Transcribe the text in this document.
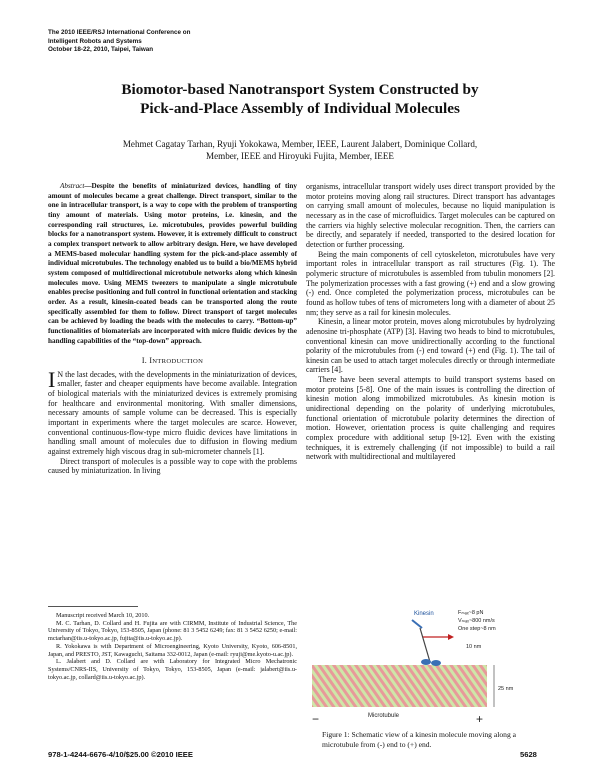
The 2010 IEEE/RSJ International Conference on
Intelligent Robots and Systems
October 18-22, 2010, Taipei, Taiwan
Biomotor-based Nanotransport System Constructed by
Pick-and-Place Assembly of Individual Molecules
Mehmet Cagatay Tarhan, Ryuji Yokokawa, Member, IEEE, Laurent Jalabert, Dominique Collard,
Member, IEEE and Hiroyuki Fujita, Member, IEEE

Abstract—Despite the benefits of miniaturized devices, handling of tiny amount of molecules became a great challenge. Direct transport, similar to the one in intracellular transport, is a way to cope with the problem of transporting tiny amount of materials. Using motor proteins, i.e. kinesin, and the corresponding rail structures, i.e. microtubules, provides powerful building blocks for a nanotransport system. However, it is extremely difficult to construct a complex transport network to allow arbitrary design. Here, we have developed a MEMS-based molecular handling system for the pick-and-place assembly of individual microtubules. The technology enabled us to build a bio/MEMS hybrid system composed of multidirectional microtubule networks along which kinesin molecules move. Using MEMS tweezers to manipulate a single microtubule enables precise positioning and full control in functional orientation and stacking order. As a result, kinesin-coated beads can be transported along the route specifically assembled for them to follow. Direct transport of target molecules can be achieved by loading the beads with the molecules to carry. “Bottom-up” functionalities of biomaterials are incorporated with micro fluidic devices by the handling capabilities of the “top-down” approach.

I. INTRODUCTION

I N the last decades, with the developments in the miniaturization of devices, smaller, faster and cheaper equipments have become available. Integration of biological materials with the miniaturized devices is extremely promising for healthcare and environmental monitoring. With smaller dimensions, necessary amounts of sample volume can be decreased. This is especially important in experiments where the target molecules are scarce. However, conventional continuous-flow-type micro fluidic devices have limitations in handling small amount of molecules due to diffusion in flowing medium against extremely high viscous drag in sub-micrometer channels [1].

Direct transport of molecules is a possible way to cope with the problems caused by miniaturization. In living

Manuscript received March 10, 2010.

M. C. Tarhan, D. Collard and H. Fujita are with CIRMM, Institute of Industrial Science, The University of Tokyo, Tokyo, 153-8505, Japan (phone: 81 3 5452 6249; fax: 81 3 5452 6250; e-mail: mctarhan@iis.u-tokyo.ac.jp, fujita@iis.u-tokyo.ac.jp).

R. Yokokawa is with Department of Microengineering, Kyoto University, Kyoto, 606-8501, Japan, and PRESTO, JST, Kawaguchi, Saitama 332-0012, Japan (e-mail: ryuji@me.kyoto-u.ac.jp).

L. Jalabert and D. Collard are with Laboratory for Integrated Micro Mechatronic Systems/CNRS-IIS, University of Tokyo, Tokyo, 153-8505, Japan (e-mail: jalabert@iis.u-tokyo.ac.jp, collard@iis.u-tokyo.ac.jp).

organisms, intracellular transport widely uses direct transport provided by the motor proteins moving along rail structures. Direct transport has advantages on carrying small amount of molecules, because no liquid manipulation is necessary as in the case of microfluidics. Target molecules can be captured on the carriers via highly selective molecular recognition. Then, the carriers can be directly, and separately if needed, transported to the desired location for detection or further processing.

Being the main components of cell cytoskeleton, microtubules have very important roles in intracellular transport as rail structures (Fig. 1). The polymeric structure of microtubules is assembled from tubulin monomers [2]. The polymerization processes with a fast growing (+) end and a slow growing (-) end. Once completed the polymerization process, microtubules can be found as hollow tubes of tens of micrometers long with a diameter of about 25 nm; they serve as a rail for kinesin molecules.

Kinesin, a linear motor protein, moves along microtubules by hydrolyzing adenosine tri-phosphate (ATP) [3]. Having two heads to bind to microtubules, conventional kinesin can move unidirectionally according to the functional polarity of the microtubules from (-) end toward (+) end (Fig. 1). The tail of kinesin can be used to attach target molecules directly or through intermediate carriers [4].

There have been several attempts to build transport systems based on motor proteins [5-8]. One of the main issues is controlling the direction of kinesin motion along immobilized microtubules. As kinesin motion is unidirectional depending on the polarity of underlying microtubules, functional orientation of microtubule polarity determines the direction of motion. However, orientation process is quite challenging and requires complex procedure with additional setup [9-12]. Even with the existing techniques, it is extremely challenging (if not impossible) to build a rail network with multidirectional and multilayered

Kinesin	Fₘₐₓ~8 pN
Vₘₐₓ~800 nm/s
One step~8 nm
10 nm
25 nm
−	Microtubule	+
Figure 1: Schematic view of a kinesin molecule moving along a microtubule from (-) end to (+) end.
978-1-4244-6676-4/10/$25.00 ©2010 IEEE	5628
